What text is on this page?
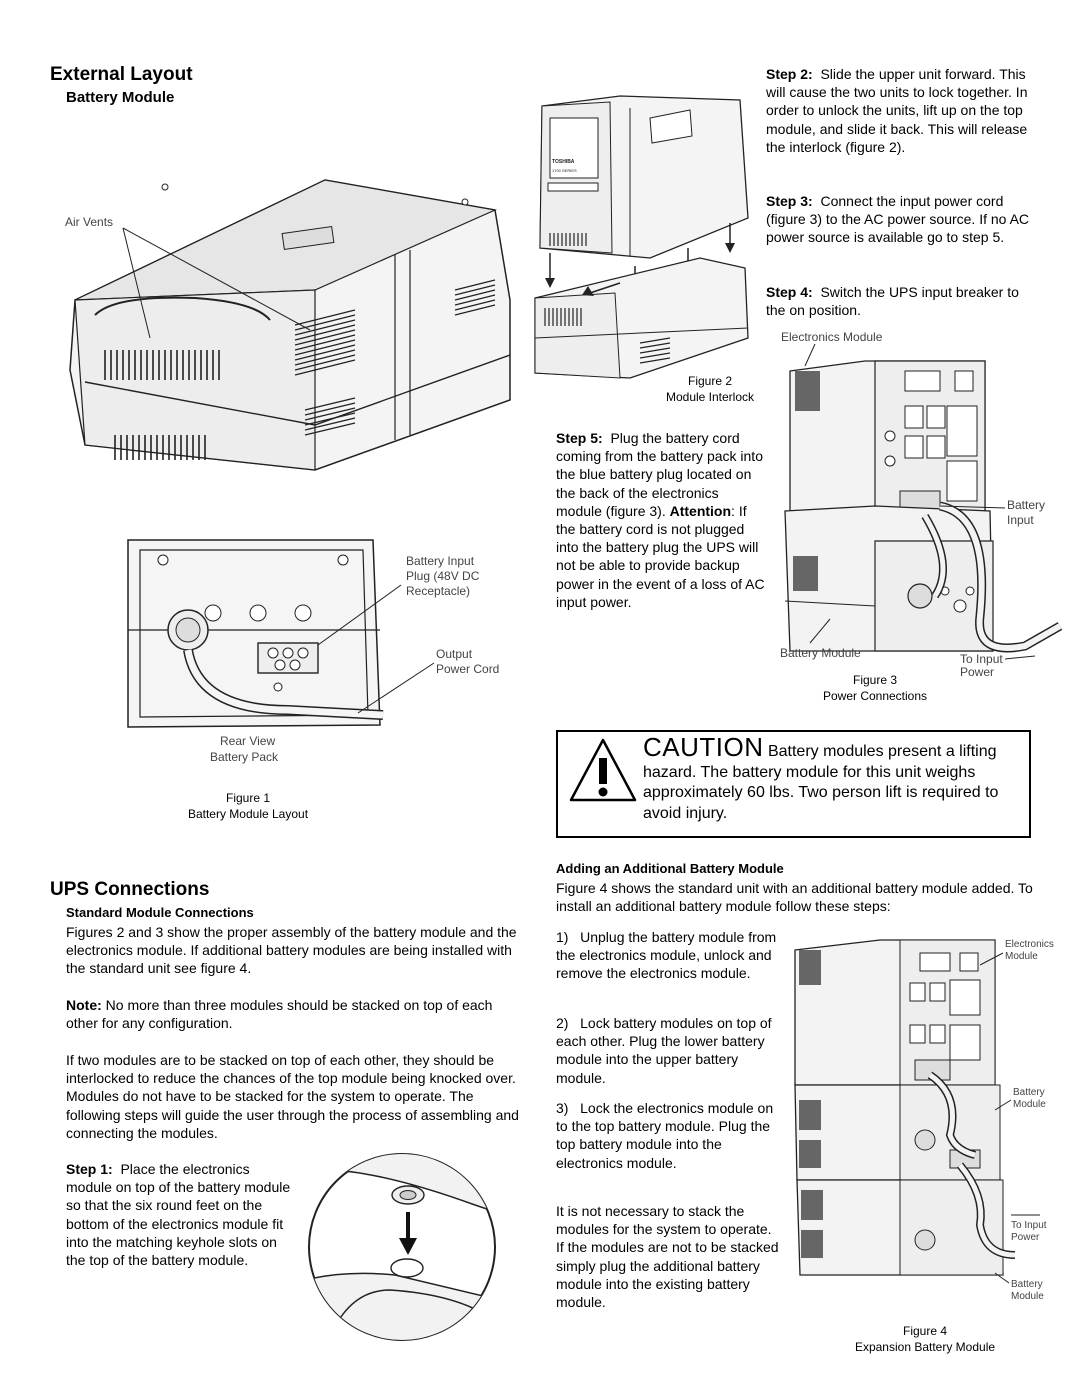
External Layout
Battery Module
Air Vents
Battery Input
Plug (48V DC
Receptacle)
Output
Power Cord
Rear View
Battery Pack
Figure 1
Battery Module Layout
TOSHIBA
1700 SERIES
Figure 2
Module Interlock
Step 2: Slide the upper unit forward. This will cause the two units to lock together. In order to unlock the units, lift up on the top module, and slide it back. This will release the interlock (figure 2).
Step 3: Connect the input power cord (figure 3) to the AC power source. If no AC power source is available go to step 5.
Step 4: Switch the UPS input breaker to the on position.
Step 5: Plug the battery cord coming from the battery pack into the blue battery plug located on the back of the electronics module (figure 3). Attention: If the battery cord is not plugged into the battery plug the UPS will not be able to provide backup power in the event of a loss of AC input power.
Electronics Module
Battery
Input
Battery Module	To Input
Power
Figure 3
Power Connections
CAUTION Battery modules present a lifting hazard. The battery module for this unit weighs approximately 60 lbs. Two person lift is required to avoid injury.
UPS Connections
Standard Module Connections
Figures 2 and 3 show the proper assembly of the battery module and the electronics module. If additional battery modules are being installed with the standard unit see figure 4.
Note: No more than three modules should be stacked on top of each other for any configuration.
If two modules are to be stacked on top of each other, they should be interlocked to reduce the chances of the top module being knocked over. Modules do not have to be stacked for the system to operate. The following steps will guide the user through the process of assembling and connecting the modules.
Step 1: Place the electronics module on top of the battery module so that the six round feet on the bottom of the electronics module fit into the matching keyhole slots on the top of the battery module.
Adding an Additional Battery Module
Figure 4 shows the standard unit with an additional battery module added. To install an additional battery module follow these steps:
1)   Unplug the battery module from the electronics module, unlock and remove the electronics module.
2)   Lock battery modules on top of each other. Plug the lower battery module into the upper battery module.
3)   Lock the electronics module on to the top battery module. Plug the top battery module into the electronics module.
It is not necessary to stack the modules for the system to operate. If the modules are not to be stacked simply plug the additional battery module into the existing battery module.
Electronics
Module
Battery
Module
To Input
Power
Battery
Module
Figure 4
Expansion Battery Module
